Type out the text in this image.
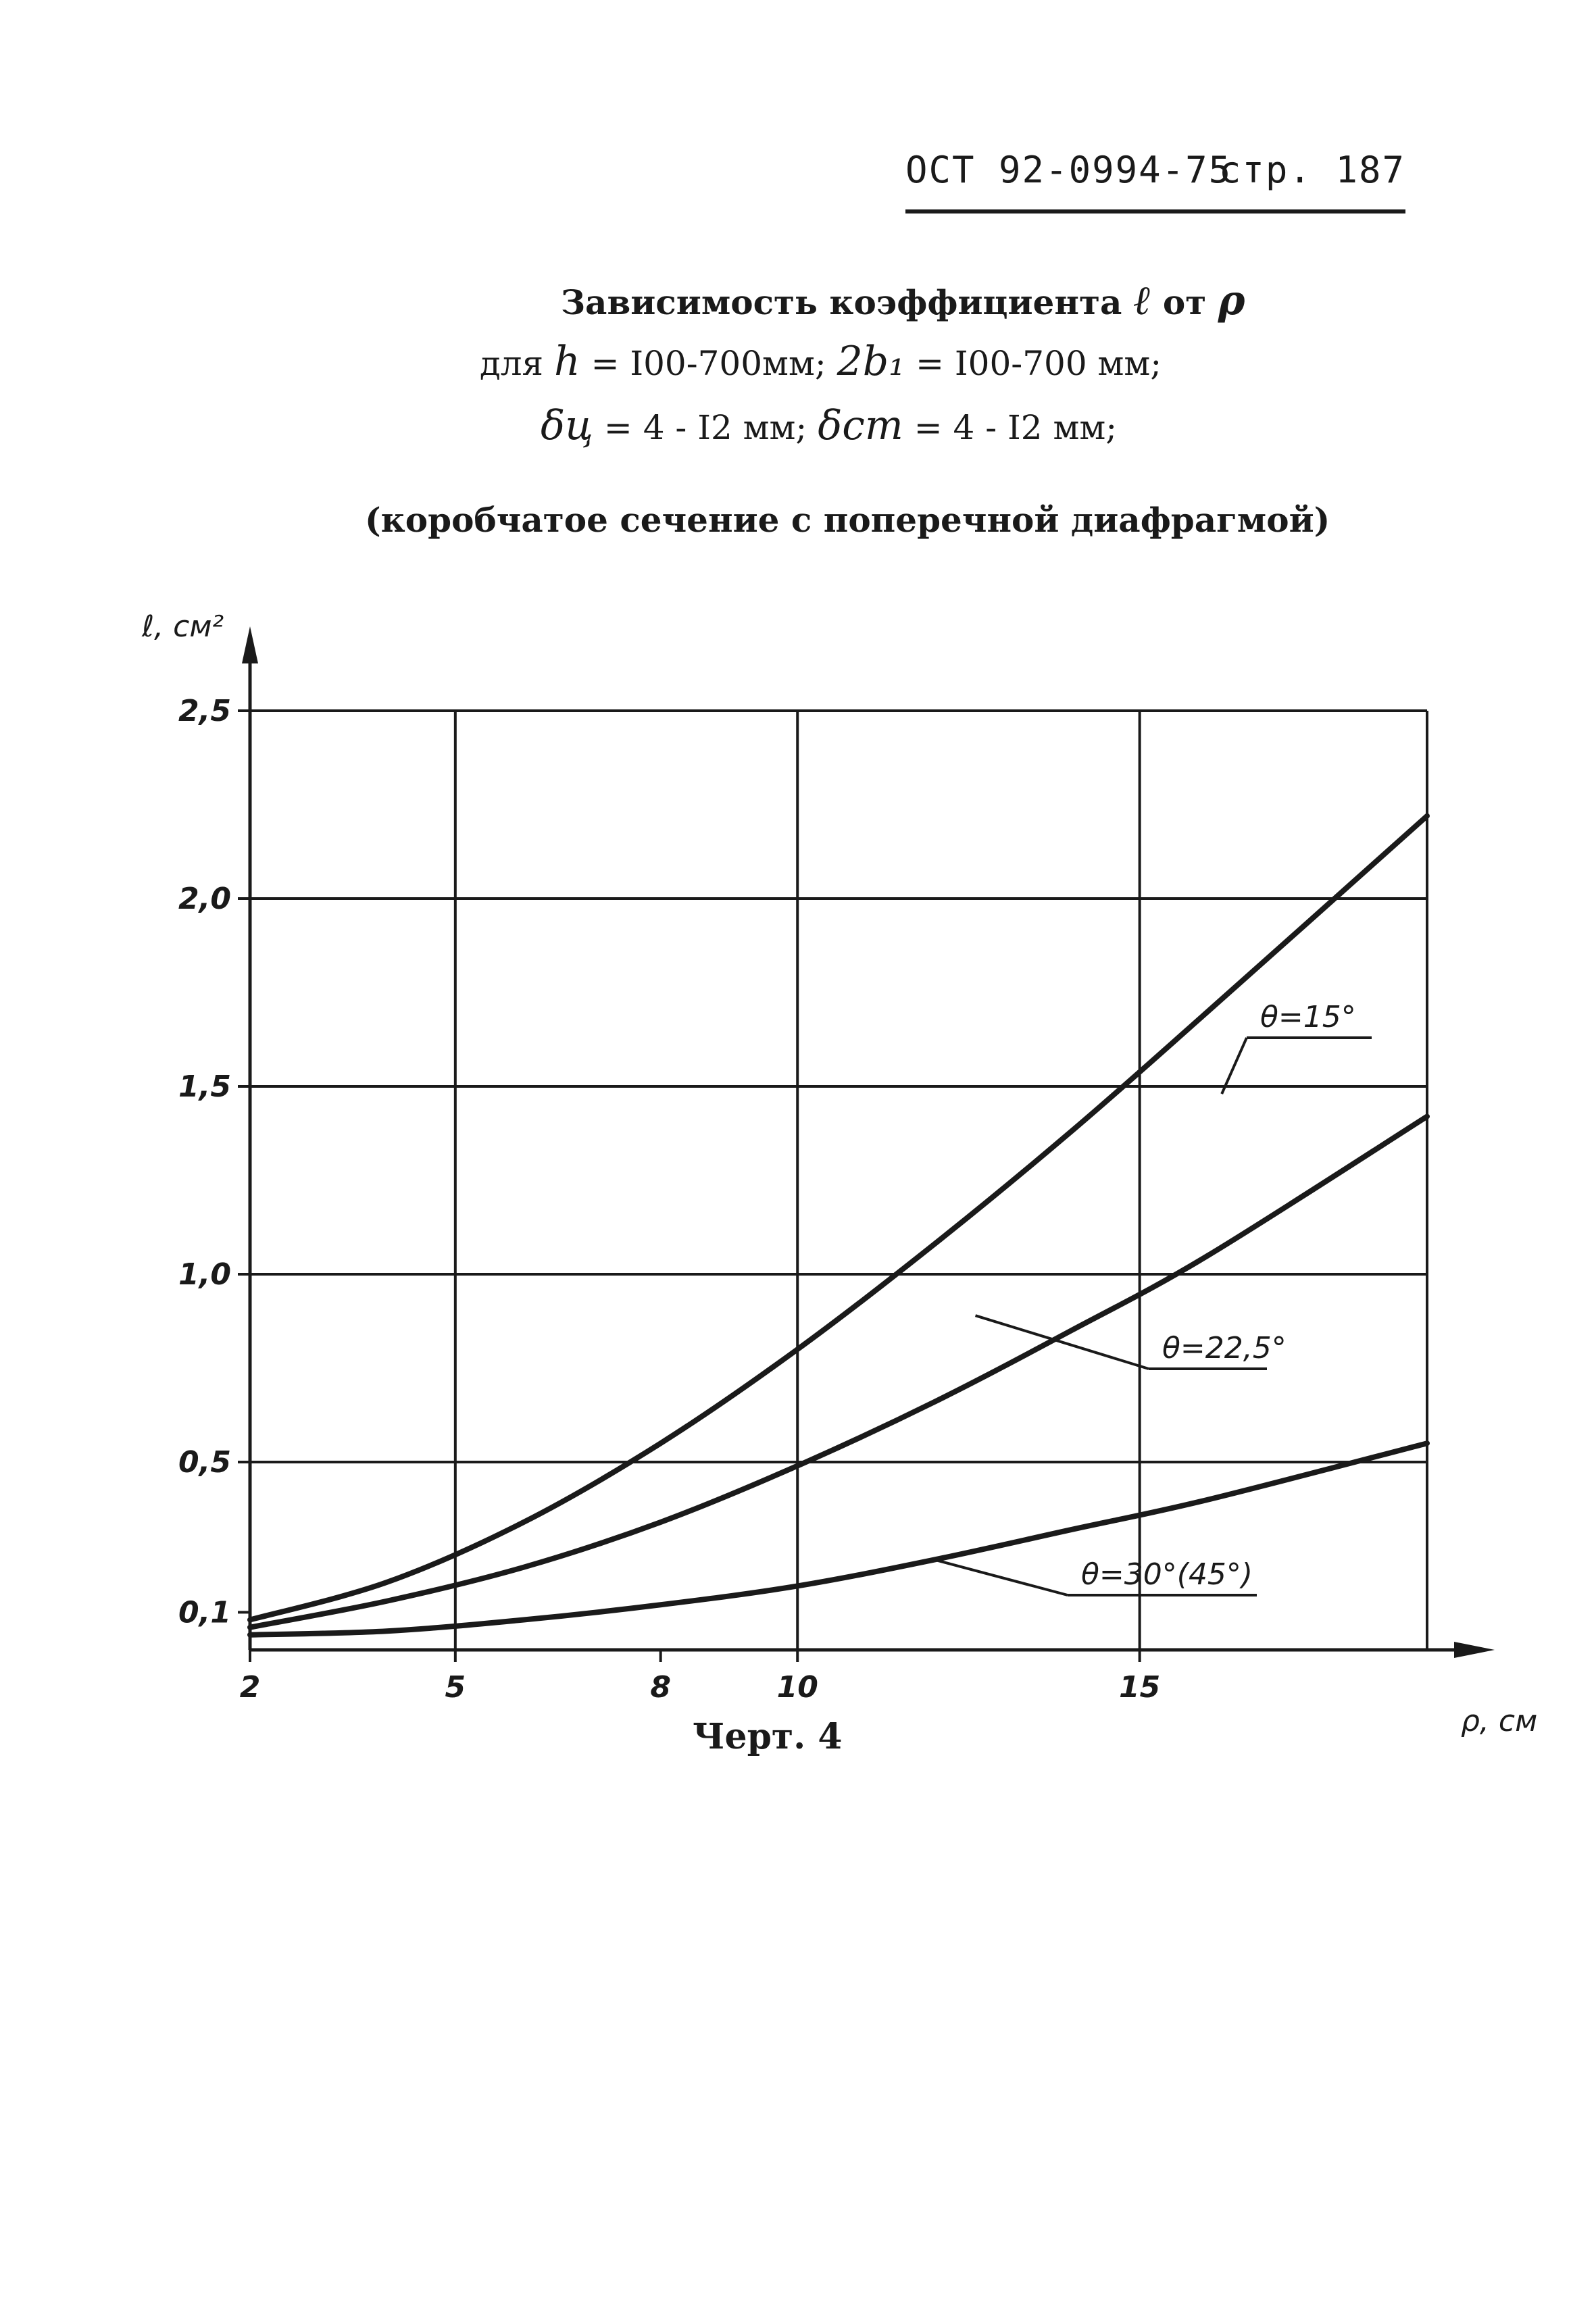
ОСТ 92-0994-75
стр. 187
Зависимость коэффициента ℓ от ρ
для h = I00-700мм; 2b₁ = I00-700 мм;
δц = 4 - I2 мм; δст = 4 - I2 мм;
(коробчатое сечение с поперечной диафрагмой)
0,1
0,5
1,0
1,5
2,0
2,5
2	5	8	10	15
ℓ, см²
ρ, см
θ=15°
θ=22,5°
θ=30°(45°)
Черт. 4
